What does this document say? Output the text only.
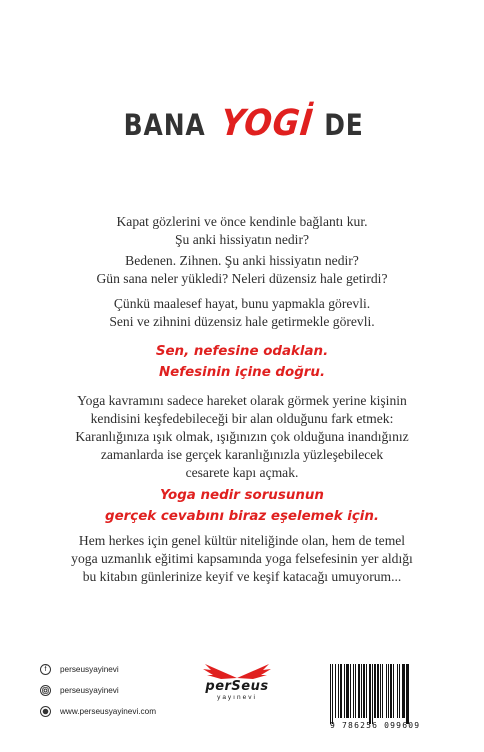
BANA YOGİ DE

Kapat gözlerini ve önce kendinle bağlantı kur.
Şu anki hissiyatın nedir?

Bedenen. Zihnen. Şu anki hissiyatın nedir?
Gün sana neler yükledi? Neleri düzensiz hale getirdi?

Çünkü maalesef hayat, bunu yapmakla görevli.
Seni ve zihnini düzensiz hale getirmekle görevli.

Sen, nefesine odaklan.
Nefesinin içine doğru.

Yoga kavramını sadece hareket olarak görmek yerine kişinin
kendisini keşfedebileceği bir alan olduğunu fark etmek:
Karanlığınıza ışık olmak, ışığınızın çok olduğuna inandığınız
zamanlarda ise gerçek karanlığınızla yüzleşebilecek
cesarete kapı açmak.

Yoga nedir sorusunun
gerçek cevabını biraz eşelemek için.

Hem herkes için genel kültür niteliğinde olan, hem de temel
yoga uzmanlık eğitimi kapsamında yoga felsefesinin yer aldığı
bu kitabın günlerinize keyif ve keşif katacağı umuyorum...

f	perseusyayinevi
perseusyayinevi
www.perseusyayinevi.com
perSeus
yayınevi
9 786256 099609
